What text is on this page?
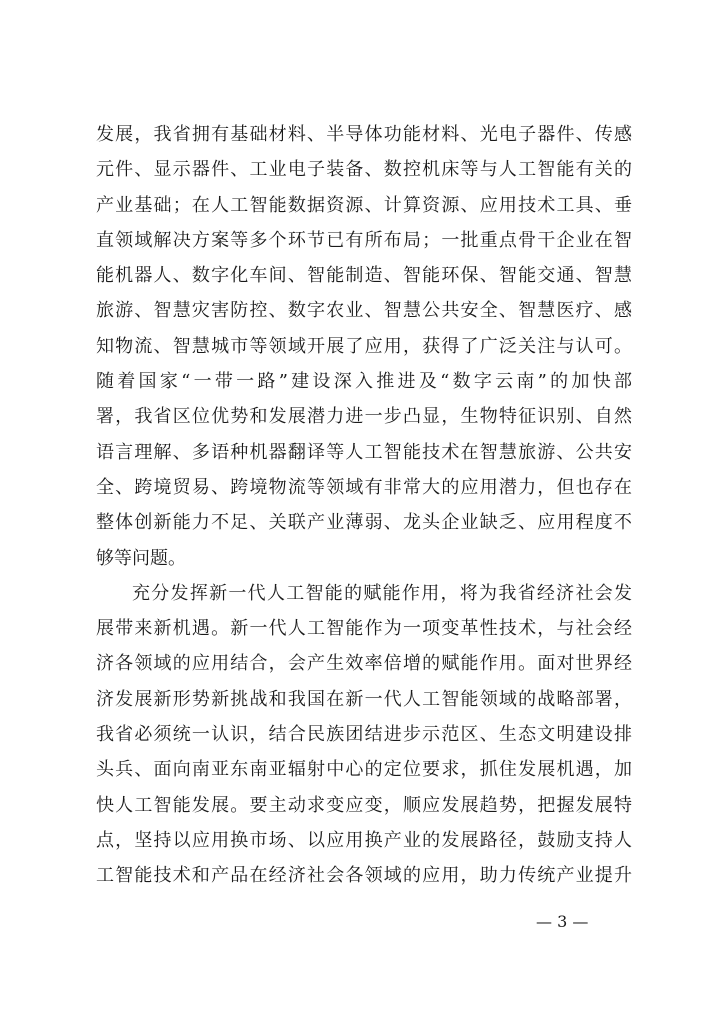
发展，我省拥有基础材料、半导体功能材料、光电子器件、传感
元件、显示器件、工业电子装备、数控机床等与人工智能有关的
产业基础；在人工智能数据资源、计算资源、应用技术工具、垂
直领域解决方案等多个环节已有所布局；一批重点骨干企业在智
能机器人、数字化车间、智能制造、智能环保、智能交通、智慧
旅游、智慧灾害防控、数字农业、智慧公共安全、智慧医疗、感
知物流、智慧城市等领域开展了应用，获得了广泛关注与认可。
随着国家“一带一路”建设深入推进及“数字云南”的加快部
署，我省区位优势和发展潜力进一步凸显，生物特征识别、自然
语言理解、多语种机器翻译等人工智能技术在智慧旅游、公共安
全、跨境贸易、跨境物流等领域有非常大的应用潜力，但也存在
整体创新能力不足、关联产业薄弱、龙头企业缺乏、应用程度不
够等问题。
充分发挥新一代人工智能的赋能作用，将为我省经济社会发
展带来新机遇。新一代人工智能作为一项变革性技术，与社会经
济各领域的应用结合，会产生效率倍增的赋能作用。面对世界经
济发展新形势新挑战和我国在新一代人工智能领域的战略部署，
我省必须统一认识，结合民族团结进步示范区、生态文明建设排
头兵、面向南亚东南亚辐射中心的定位要求，抓住发展机遇，加
快人工智能发展。要主动求变应变，顺应发展趋势，把握发展特
点，坚持以应用换市场、以应用换产业的发展路径，鼓励支持人
工智能技术和产品在经济社会各领域的应用，助力传统产业提升
— 3 —
